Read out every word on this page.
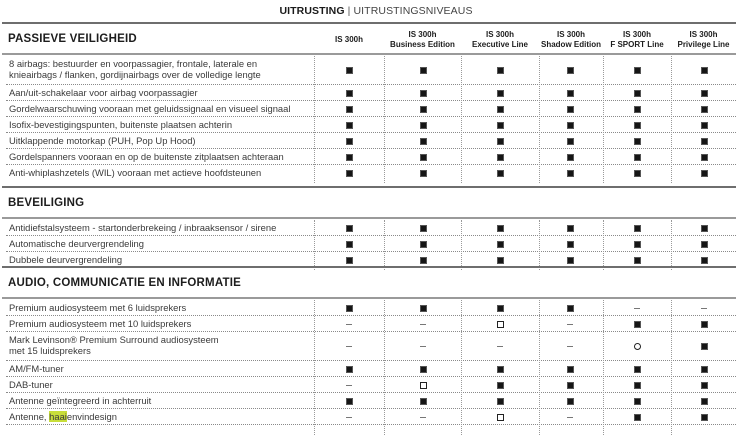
UITRUSTING | UITRUSTINGSNIVEAUS
PASSIEVE VEILIGHEID	IS 300h
IS 300h
Business Edition
IS 300h
Executive Line
IS 300h
Shadow Edition
IS 300h
F SPORT Line
IS 300h
Privilege Line
8 airbags: bestuurder en voorpassagier, frontale, laterale en
knieairbags / flanken, gordijnairbags over de volledige lengte
Aan/uit-schakelaar voor airbag voorpassagier
Gordelwaarschuwing vooraan met geluidssignaal en visueel signaal
Isofix-bevestigingspunten, buitenste plaatsen achterin
Uitklappende motorkap (PUH, Pop Up Hood)
Gordelspanners vooraan en op de buitenste zitplaatsen achteraan
Anti-whiplashzetels (WIL) vooraan met actieve hoofdsteunen
BEVEILIGING
Antidiefstalsysteem - startonderbrekeing / inbraaksensor / sirene
Automatische deurvergrendeling
Dubbele deurvergrendeling
AUDIO, COMMUNICATIE EN INFORMATIE
Premium audiosysteem met 6 luidsprekers
Premium audiosysteem met 10 luidsprekers
Mark Levinson® Premium Surround audiosysteem
met 15 luidsprekers
AM/FM-tuner
DAB-tuner
Antenne geïntegreerd in achterruit
Antenne, haaienvindesign
